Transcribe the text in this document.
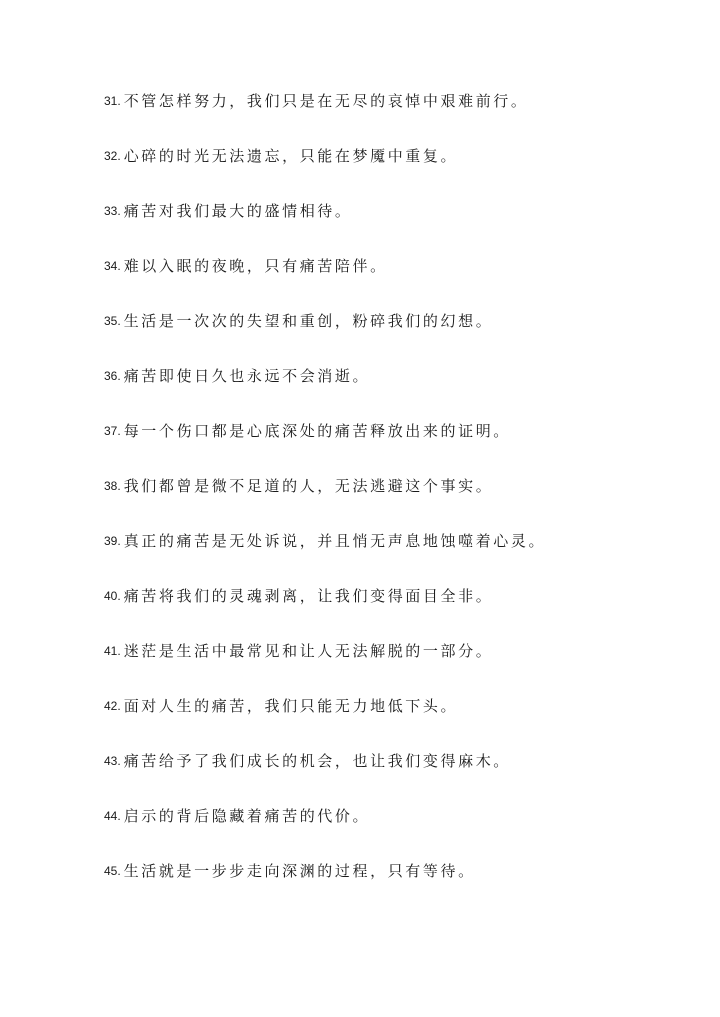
31. 不管怎样努力，我们只是在无尽的哀悼中艰难前行。
32. 心碎的时光无法遗忘，只能在梦魇中重复。
33. 痛苦对我们最大的盛情相待。
34. 难以入眠的夜晚，只有痛苦陪伴。
35. 生活是一次次的失望和重创，粉碎我们的幻想。
36. 痛苦即使日久也永远不会消逝。
37. 每一个伤口都是心底深处的痛苦释放出来的证明。
38. 我们都曾是微不足道的人，无法逃避这个事实。
39. 真正的痛苦是无处诉说，并且悄无声息地蚀噬着心灵。
40. 痛苦将我们的灵魂剥离，让我们变得面目全非。
41. 迷茫是生活中最常见和让人无法解脱的一部分。
42. 面对人生的痛苦，我们只能无力地低下头。
43. 痛苦给予了我们成长的机会，也让我们变得麻木。
44. 启示的背后隐藏着痛苦的代价。
45. 生活就是一步步走向深渊的过程，只有等待。
